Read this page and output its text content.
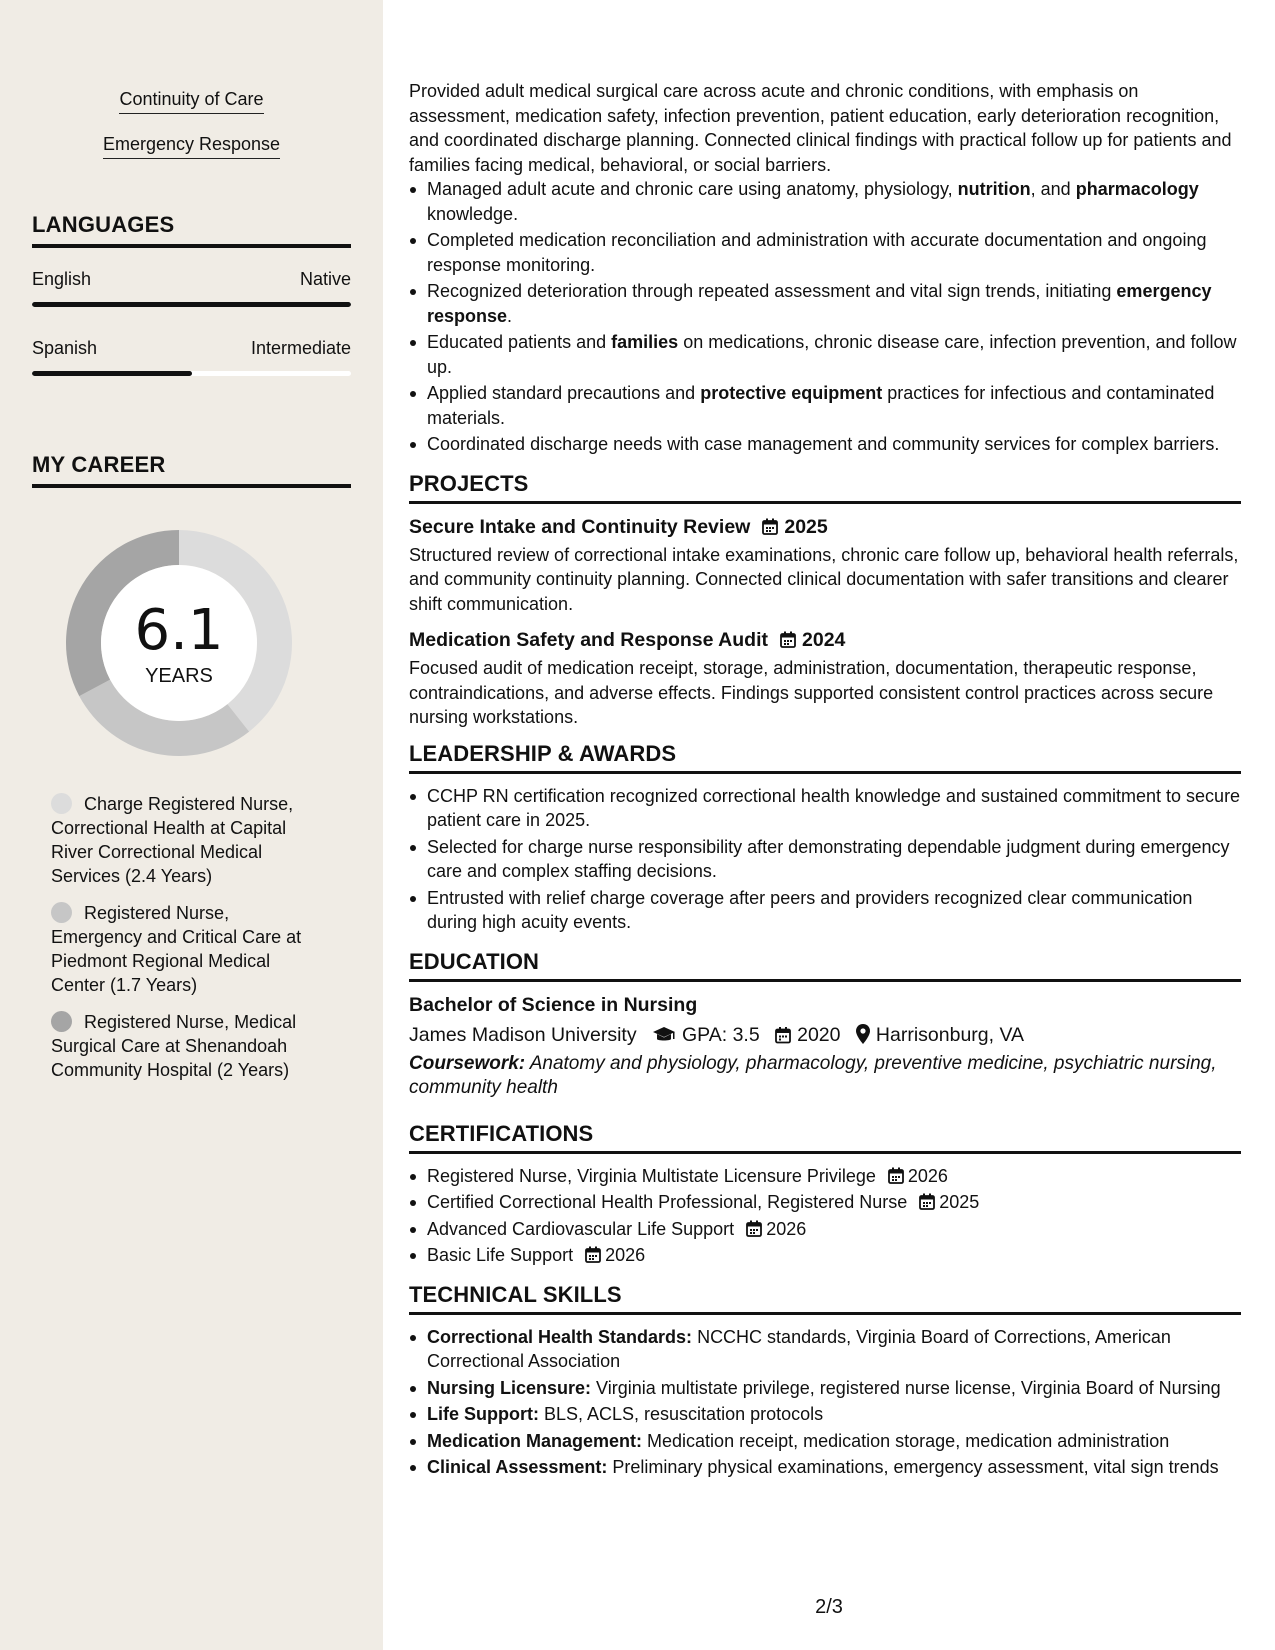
Continuity of Care
Emergency Response
LANGUAGES
English	Native
Spanish	Intermediate
MY CAREER
6.1
YEARS
Charge Registered Nurse, Correctional Health at Capital River Correctional Medical Services (2.4 Years)
Registered Nurse, Emergency and Critical Care at Piedmont Regional Medical Center (1.7 Years)
Registered Nurse, Medical Surgical Care at Shenandoah Community Hospital (2 Years)

Provided adult medical surgical care across acute and chronic conditions, with emphasis on assessment, medication safety, infection prevention, patient education, early deterioration recognition, and coordinated discharge planning. Connected clinical findings with practical follow up for patients and families facing medical, behavioral, or social barriers.

Managed adult acute and chronic care using anatomy, physiology, nutrition, and pharmacology knowledge.
Completed medication reconciliation and administration with accurate documentation and ongoing response monitoring.
Recognized deterioration through repeated assessment and vital sign trends, initiating emergency response.
Educated patients and families on medications, chronic disease care, infection prevention, and follow up.
Applied standard precautions and protective equipment practices for infectious and contaminated materials.
Coordinated discharge needs with case management and community services for complex barriers.
PROJECTS
Secure Intake and Continuity Review 2025
Structured review of correctional intake examinations, chronic care follow up, behavioral health referrals, and community continuity planning. Connected clinical documentation with safer transitions and clearer shift communication.
Medication Safety and Response Audit 2024
Focused audit of medication receipt, storage, administration, documentation, therapeutic response, contraindications, and adverse effects. Findings supported consistent control practices across secure nursing workstations.
LEADERSHIP & AWARDS
CCHP RN certification recognized correctional health knowledge and sustained commitment to secure patient care in 2025.
Selected for charge nurse responsibility after demonstrating dependable judgment during emergency care and complex staffing decisions.
Entrusted with relief charge coverage after peers and providers recognized clear communication during high acuity events.
EDUCATION
Bachelor of Science in Nursing
James Madison University GPA: 3.5 2020 Harrisonburg, VA
Coursework: Anatomy and physiology, pharmacology, preventive medicine, psychiatric nursing, community health
CERTIFICATIONS
Registered Nurse, Virginia Multistate Licensure Privilege 2026
Certified Correctional Health Professional, Registered Nurse 2025
Advanced Cardiovascular Life Support 2026
Basic Life Support 2026
TECHNICAL SKILLS
Correctional Health Standards: NCCHC standards, Virginia Board of Corrections, American Correctional Association
Nursing Licensure: Virginia multistate privilege, registered nurse license, Virginia Board of Nursing
Life Support: BLS, ACLS, resuscitation protocols
Medication Management: Medication receipt, medication storage, medication administration
Clinical Assessment: Preliminary physical examinations, emergency assessment, vital sign trends
2/3
